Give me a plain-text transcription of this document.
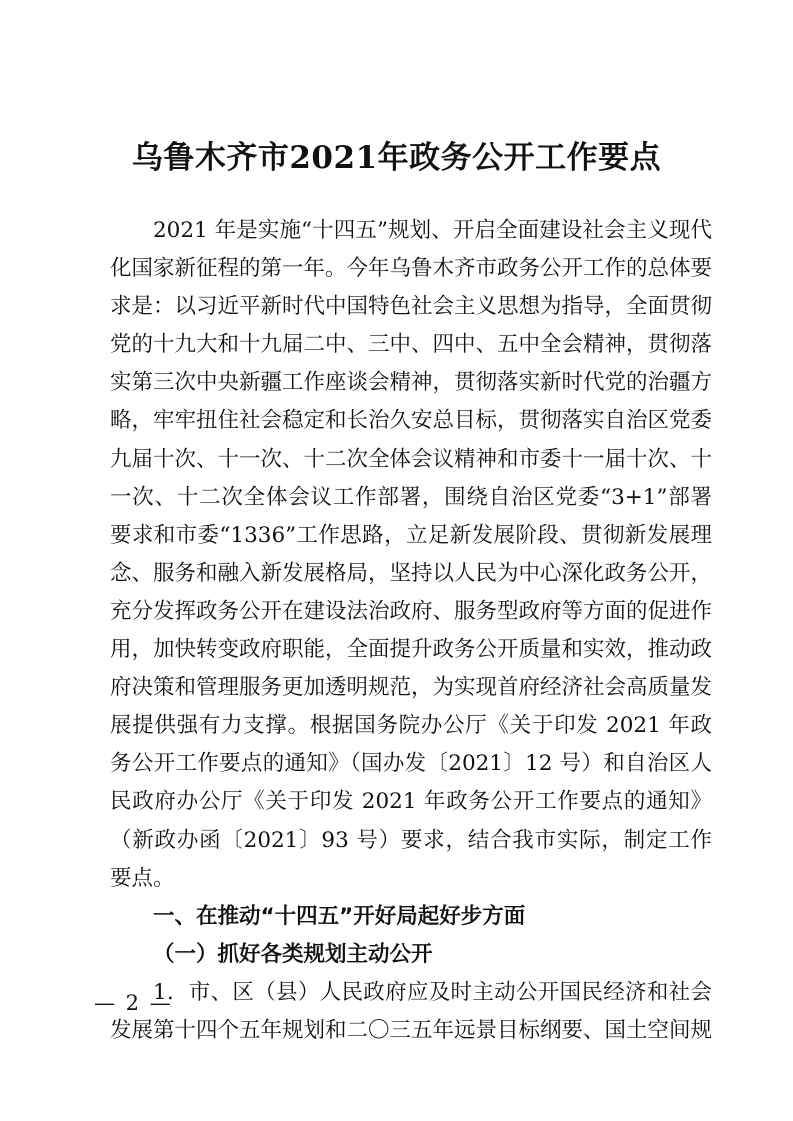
乌鲁木齐市2021年政务公开工作要点

2021 年是实施“十四五”规划、开启全面建设社会主义现代化国家新征程的第一年。今年乌鲁木齐市政务公开工作的总体要求是：以习近平新时代中国特色社会主义思想为指导，全面贯彻党的十九大和十九届二中、三中、四中、五中全会精神，贯彻落实第三次中央新疆工作座谈会精神，贯彻落实新时代党的治疆方略，牢牢扭住社会稳定和长治久安总目标，贯彻落实自治区党委九届十次、十一次、十二次全体会议精神和市委十一届十次、十一次、十二次全体会议工作部署，围绕自治区党委“3+1”部署要求和市委“1336”工作思路，立足新发展阶段、贯彻新发展理念、服务和融入新发展格局，坚持以人民为中心深化政务公开，充分发挥政务公开在建设法治政府、服务型政府等方面的促进作用，加快转变政府职能，全面提升政务公开质量和实效，推动政府决策和管理服务更加透明规范，为实现首府经济社会高质量发展提供强有力支撑。根据国务院办公厅《关于印发 2021 年政务公开工作要点的通知》（国办发〔2021〕12 号）和自治区人民政府办公厅《关于印发 2021 年政务公开工作要点的通知》（新政办函〔2021〕93 号）要求，结合我市实际，制定工作要点。

一、在推动“十四五”开好局起好步方面

（一）抓好各类规划主动公开

1．市、区（县）人民政府应及时主动公开国民经济和社会发展第十四个五年规划和二〇三五年远景目标纲要、国土空间规

— 2 —
